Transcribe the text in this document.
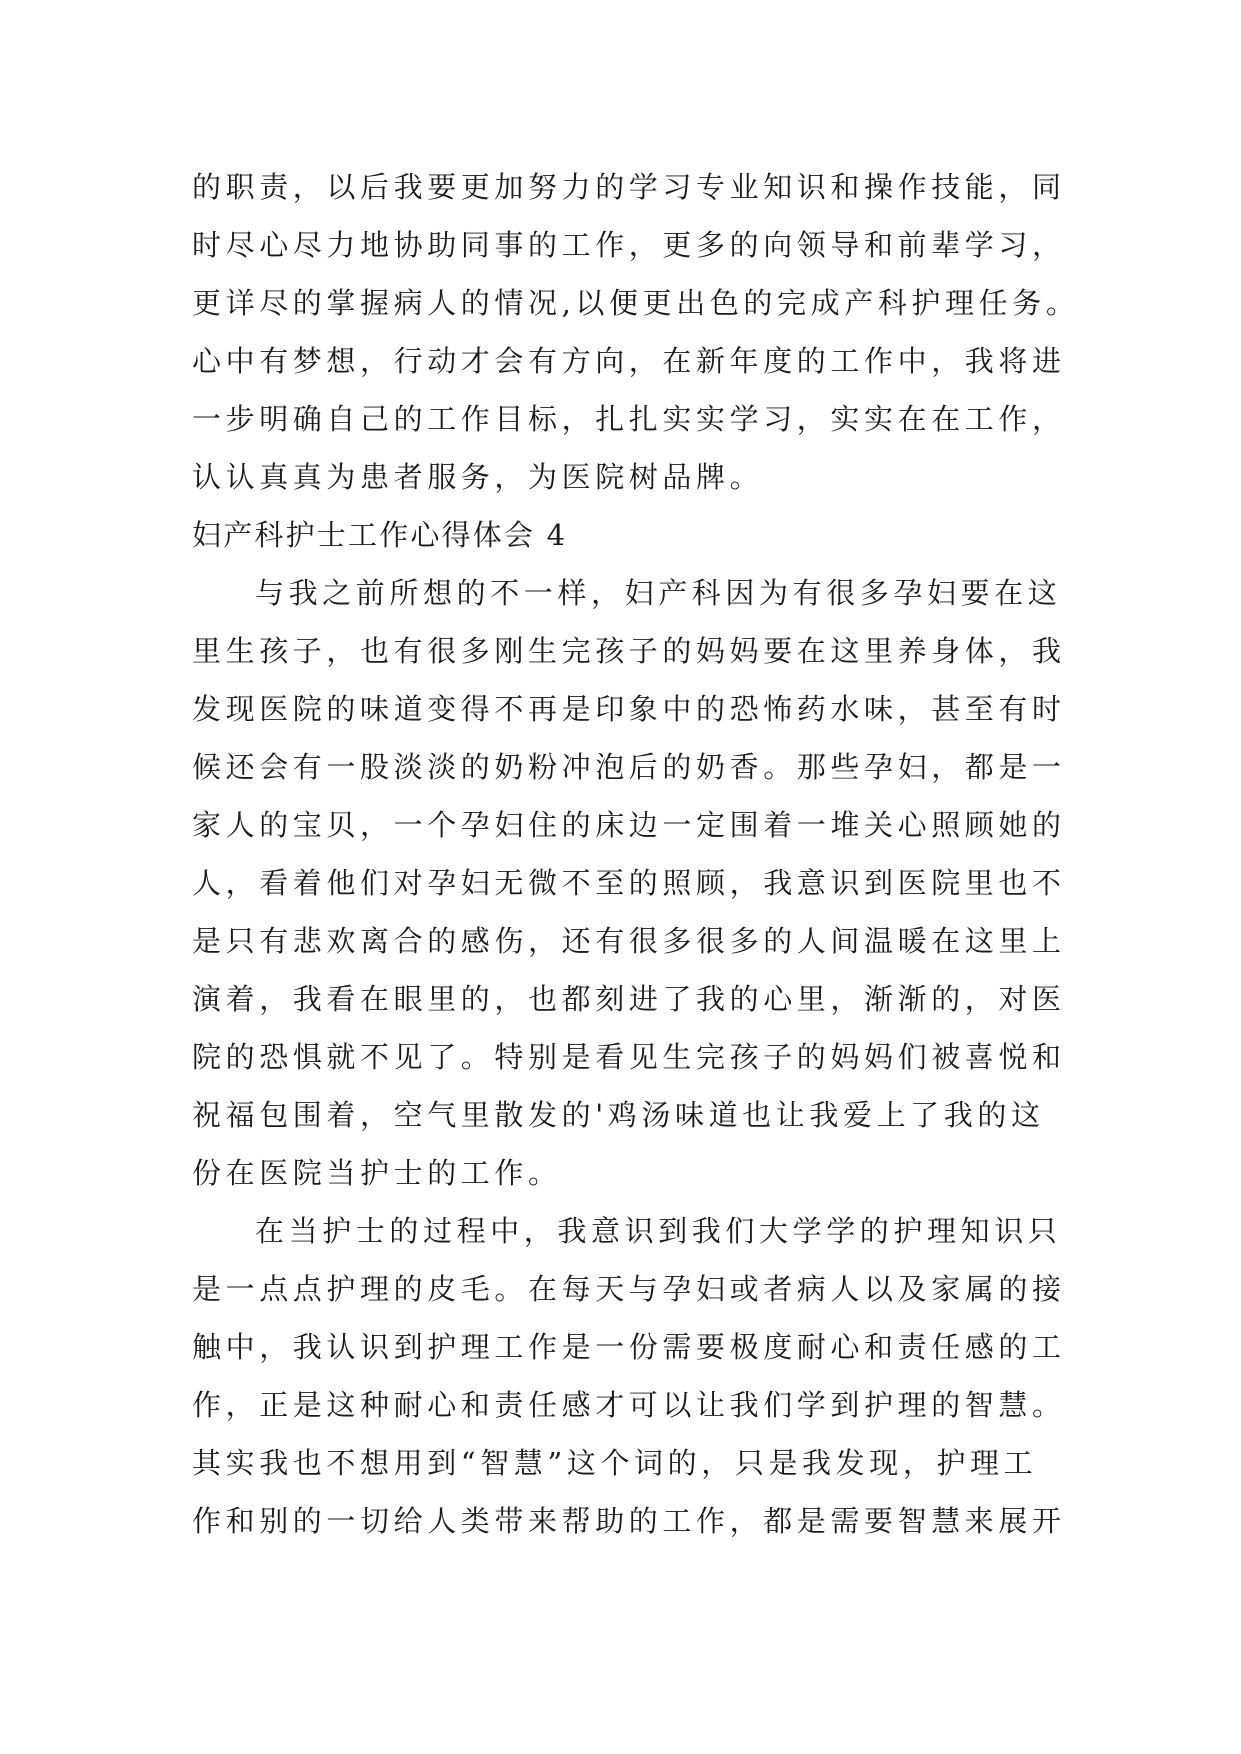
的职责，以后我要更加努力的学习专业知识和操作技能，同

时尽心尽力地协助同事的工作，更多的向领导和前辈学习，

更详尽的掌握病人的情况,以便更出色的完成产科护理任务。

心中有梦想，行动才会有方向，在新年度的工作中，我将进

一步明确自己的工作目标，扎扎实实学习，实实在在工作，

认认真真为患者服务，为医院树品牌。

妇产科护士工作心得体会 4

与我之前所想的不一样，妇产科因为有很多孕妇要在这

里生孩子，也有很多刚生完孩子的妈妈要在这里养身体，我

发现医院的味道变得不再是印象中的恐怖药水味，甚至有时

候还会有一股淡淡的奶粉冲泡后的奶香。那些孕妇，都是一

家人的宝贝，一个孕妇住的床边一定围着一堆关心照顾她的

人，看着他们对孕妇无微不至的照顾，我意识到医院里也不

是只有悲欢离合的感伤，还有很多很多的人间温暖在这里上

演着，我看在眼里的，也都刻进了我的心里，渐渐的，对医

院的恐惧就不见了。特别是看见生完孩子的妈妈们被喜悦和

祝福包围着，空气里散发的'鸡汤味道也让我爱上了我的这

份在医院当护士的工作。

在当护士的过程中，我意识到我们大学学的护理知识只

是一点点护理的皮毛。在每天与孕妇或者病人以及家属的接

触中，我认识到护理工作是一份需要极度耐心和责任感的工

作，正是这种耐心和责任感才可以让我们学到护理的智慧。

其实我也不想用到“智慧”这个词的，只是我发现，护理工

作和别的一切给人类带来帮助的工作，都是需要智慧来展开
